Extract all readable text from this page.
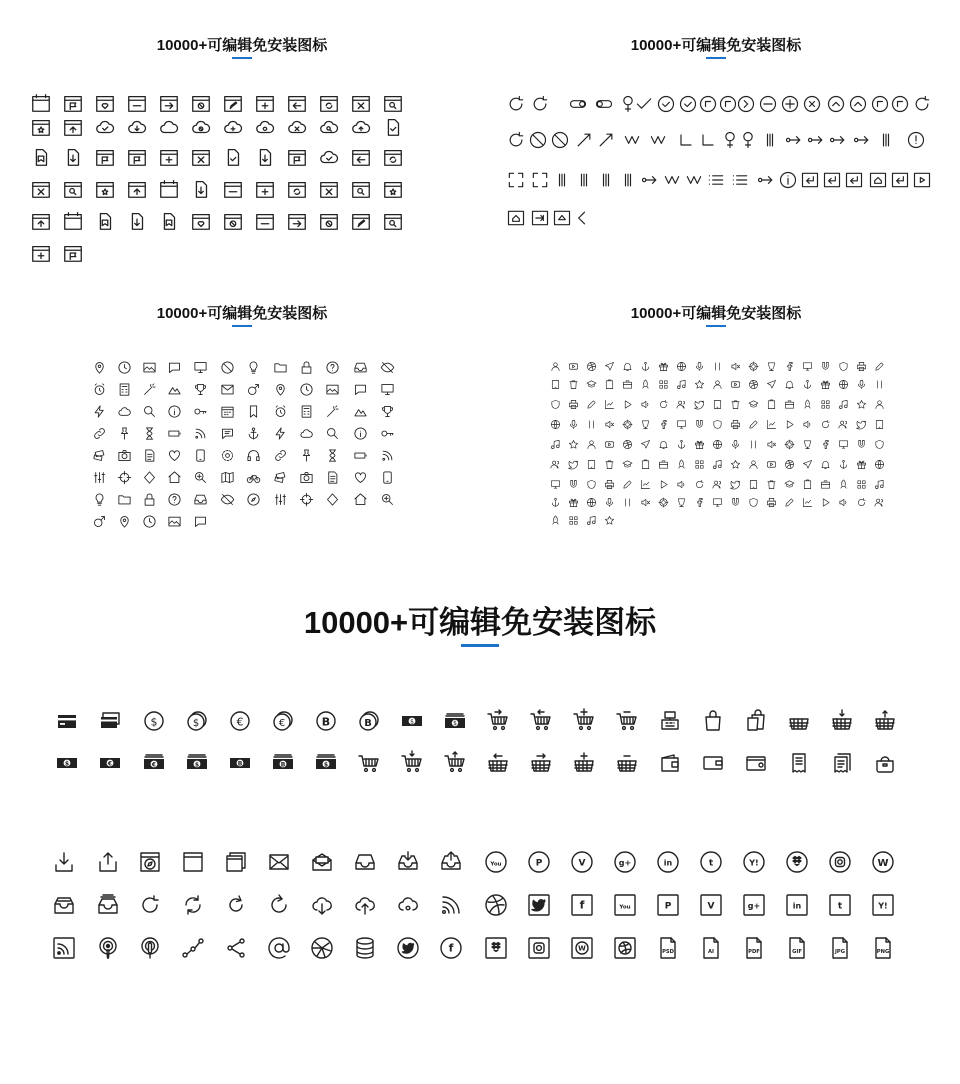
10000+可编辑免安装图标	10000+可编辑免安装图标
10000+可编辑免安装图标	10000+可编辑免安装图标
10000+可编辑免安装图标
$	€
$
€
$
$
€
B
€
B
B
$
B	$	$
f
You	P	V
f
W
g+
You
in
P
PSD
t
V
AI
Y!
g+
PDF
in
GIF
t
JPG
W
Y!
PNG
